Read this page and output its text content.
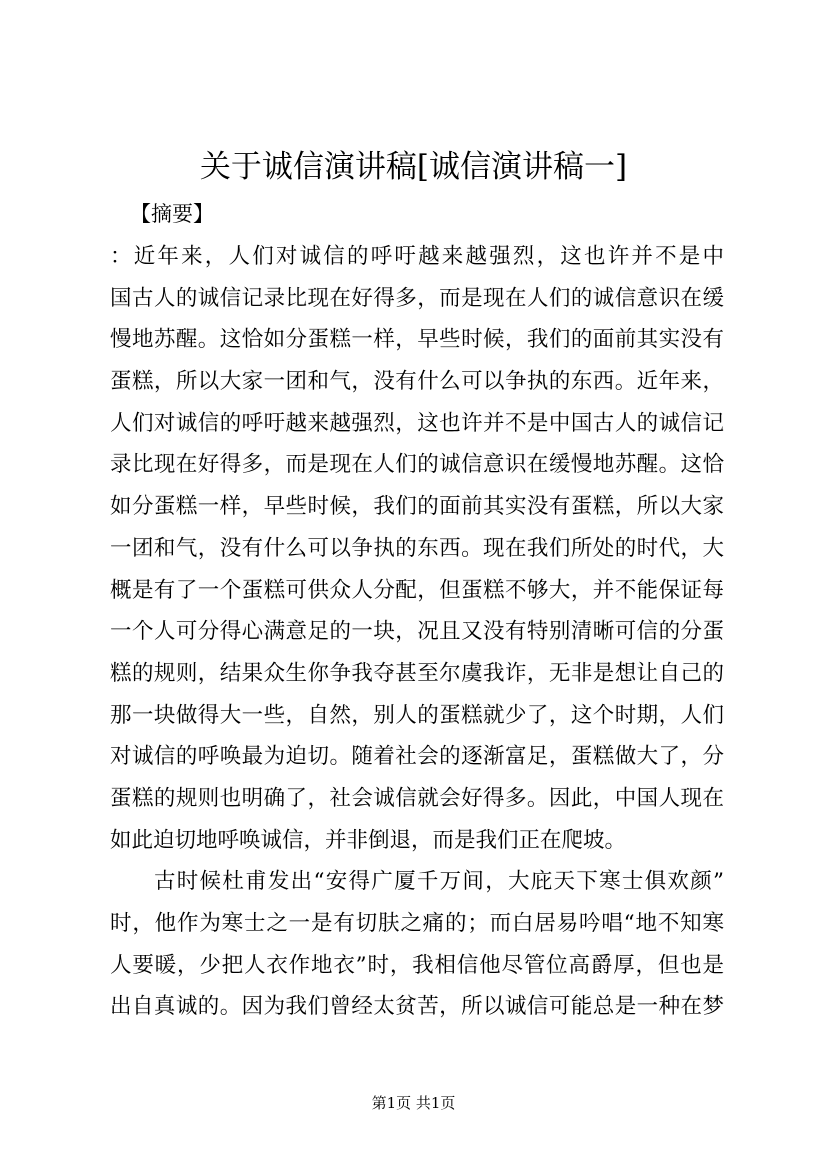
关于诚信演讲稿[诚信演讲稿一]
【摘要】
：近年来，人们对诚信的呼吁越来越强烈，这也许并不是中
国古人的诚信记录比现在好得多，而是现在人们的诚信意识在缓
慢地苏醒。这恰如分蛋糕一样，早些时候，我们的面前其实没有
蛋糕，所以大家一团和气，没有什么可以争执的东西。近年来，
人们对诚信的呼吁越来越强烈，这也许并不是中国古人的诚信记
录比现在好得多，而是现在人们的诚信意识在缓慢地苏醒。这恰
如分蛋糕一样，早些时候，我们的面前其实没有蛋糕，所以大家
一团和气，没有什么可以争执的东西。现在我们所处的时代，大
概是有了一个蛋糕可供众人分配，但蛋糕不够大，并不能保证每
一个人可分得心满意足的一块，况且又没有特别清晰可信的分蛋
糕的规则，结果众生你争我夺甚至尔虞我诈，无非是想让自己的
那一块做得大一些，自然，别人的蛋糕就少了，这个时期，人们
对诚信的呼唤最为迫切。随着社会的逐渐富足，蛋糕做大了，分
蛋糕的规则也明确了，社会诚信就会好得多。因此，中国人现在
如此迫切地呼唤诚信，并非倒退，而是我们正在爬坡。
古时候杜甫发出“安得广厦千万间，大庇天下寒士俱欢颜”
时，他作为寒士之一是有切肤之痛的；而白居易吟唱“地不知寒
人要暖，少把人衣作地衣”时，我相信他尽管位高爵厚，但也是
出自真诚的。因为我们曾经太贫苦，所以诚信可能总是一种在梦
第1页 共1页
